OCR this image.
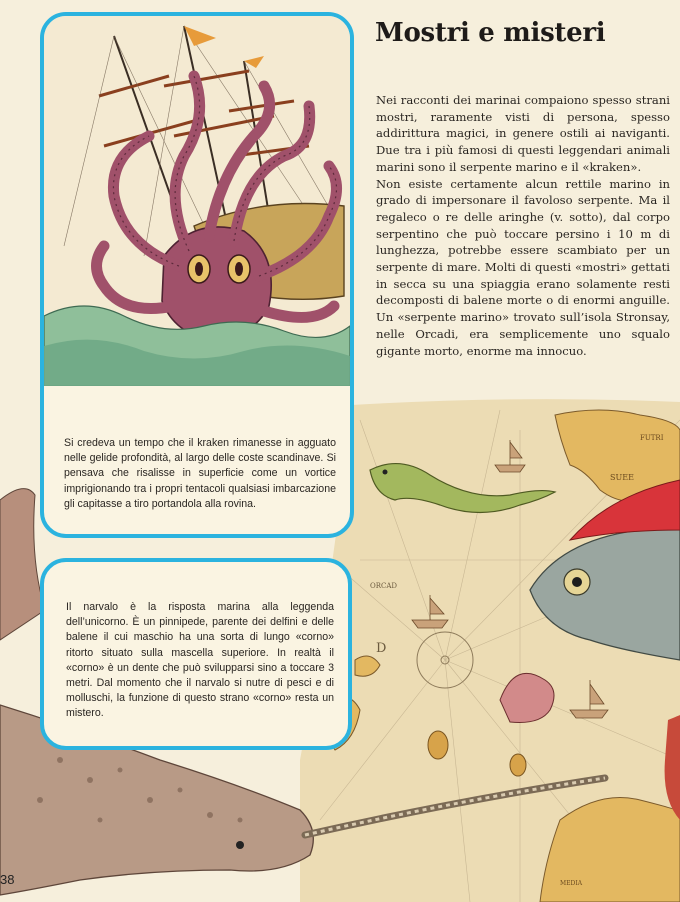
D
ORCAD
FUTRI
SUEE
MEDIA
Si credeva un tempo che il kraken rimanesse in agguato nelle gelide profondità, al largo delle coste scandinave. Si pensava che risalisse in superficie come un vortice imprigionando tra i propri tentacoli qualsiasi imbarcazione gli capitasse a tiro portandola alla rovina.
Il narvalo è la risposta marina alla leggenda dell’unicorno. È un pinnipede, parente dei delfini e delle balene il cui maschio ha una sorta di lungo «corno» ritorto situato sulla mascella superiore. In realtà il «corno» è un dente che può svilupparsi sino a toccare 3 metri. Dal momento che il narvalo si nutre di pesci e di molluschi, la funzione di questo strano «corno» resta un mistero.
Mostri e misteri

Nei racconti dei marinai compaiono spesso strani mostri, raramente visti di persona, spesso addirittura magici, in genere ostili ai naviganti. Due tra i più famosi di questi leggendari animali marini sono il serpente marino e il «kraken».

Non esiste certamente alcun rettile marino in grado di impersonare il favoloso serpente. Ma il regaleco o re delle aringhe (v. sotto), dal corpo serpentino che può toccare persino i 10 m di lunghezza, potrebbe essere scambiato per un serpente di mare. Molti di questi «mostri» gettati in secca su una spiaggia erano solamente resti decomposti di balene morte o di enormi anguille. Un «serpente marino» trovato sull’isola Stronsay, nelle Orcadi, era semplicemente uno squalo gigante morto, enorme ma innocuo.

38
